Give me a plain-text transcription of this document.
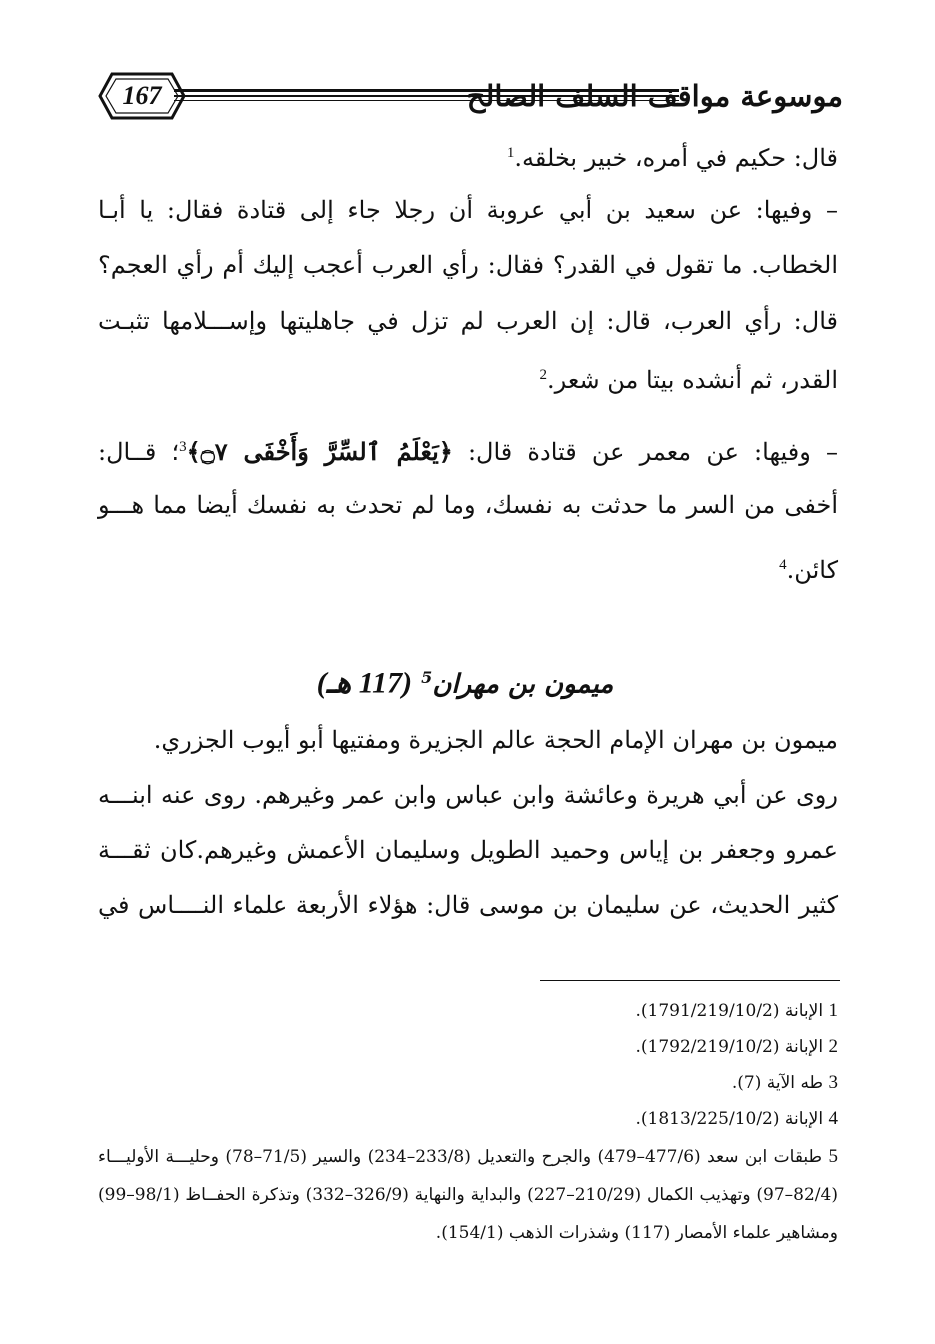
167	موسوعة مواقف السلف الصالح
قال: حكيم في أمره، خبير بخلقه.$^1$
– وفيها: عن سعيد بن أبي عروبة أن رجلا جاء إلى قتادة فقال: يا أبـا
الخطاب. ما تقول في القدر؟ فقال: رأي العرب أعجب إليك أم رأي العجم؟
قال: رأي العرب، قال: إن العرب لم تزل في جاهليتها وإســـلامها تثبـت
القدر، ثم أنشده بيتا من شعر.$^2$
– وفيها: عن معمر عن قتادة قال: ﴿يَعْلَمُ ٱلسِّرَّ وَأَخْفَى ۝٧﴾$^3$؛ قــال:
أخفى من السر ما حدثت به نفسك، وما لم تحدث به نفسك أيضا مما هـــو
كائن.$^4$
ميمون بن مهران$^5$ (117 هـ)
ميمون بن مهران الإمام الحجة عالم الجزيرة ومفتيها أبو أيوب الجزري.
روى عن أبي هريرة وعائشة وابن عباس وابن عمر وغيرهم. روى عنه ابنـــه
عمرو وجعفر بن إياس وحميد الطويل وسليمان الأعمش وغيرهم.كان ثقـــة
كثير الحديث، عن سليمان بن موسى قال: هؤلاء الأربعة علماء النــــاس في
1 الإبانة (1791/219/10/2).
2 الإبانة (1792/219/10/2).
3 طه الآية (7).
4 الإبانة (1813/225/10/2).
5 طبقات ابن سعد (477/6–479) والجرح والتعديل (233/8–234) والسير (71/5–78) وحليـــة الأوليـــاء
(82/4–97) وتهذيب الكمال (210/29–227) والبداية والنهاية (326/9–332) وتذكرة الحفــاظ (98/1–99)
ومشاهير علماء الأمصار (117) وشذرات الذهب (154/1).
